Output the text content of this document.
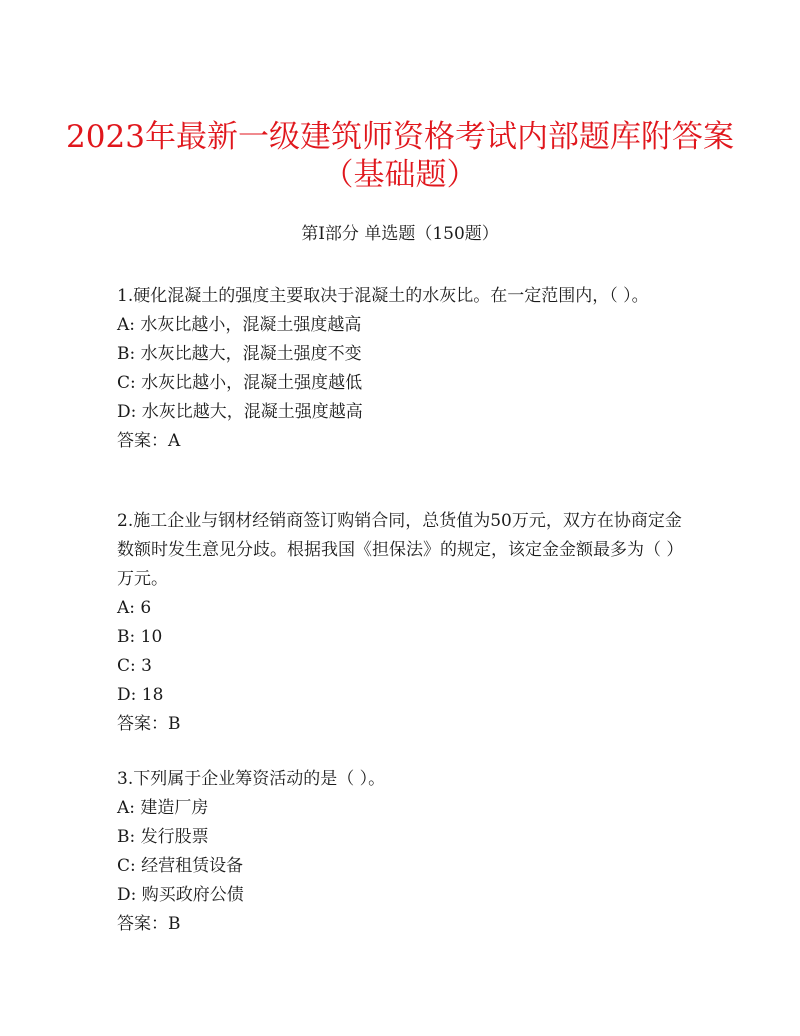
2023年最新一级建筑师资格考试内部题库附答案（基础题）
第I部分 单选题（150题）

1.硬化混凝土的强度主要取决于混凝土的水灰比。在一定范围内，（ ）。

A: 水灰比越小，混凝土强度越高

B: 水灰比越大，混凝土强度不变

C: 水灰比越小，混凝土强度越低

D: 水灰比越大，混凝土强度越高

答案：A

2.施工企业与钢材经销商签订购销合同，总货值为50万元，双方在协商定金数额时发生意见分歧。根据我国《担保法》的规定，该定金金额最多为（ ）万元。

A: 6

B: 10

C: 3

D: 18

答案：B

3.下列属于企业筹资活动的是（ ）。

A: 建造厂房

B: 发行股票

C: 经营租赁设备

D: 购买政府公债

答案：B
